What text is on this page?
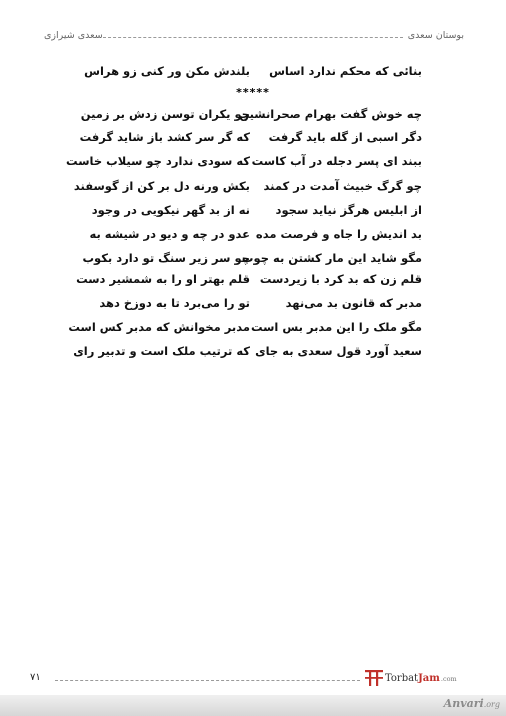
بوستان سعدی
سعدی شیرازی
بنائی که محکم ندارد اساس
بلندش مکن ور کنی زو هراس
*****
چه خوش گفت بهرام صحرانشین
چو یکران توسن زدش بر زمین
دگر اسبی از گله باید گرفت
که گر سر کشد باز شاید گرفت
ببند ای پسر دجله در آب کاست
که سودی ندارد چو سیلاب خاست
چو گرگ خبیث آمدت در کمند
بکش ورنه دل بر کن از گوسفند
از ابلیس هرگز نیاید سجود
نه از بد گهر نیکویی در وجود
بد اندیش را جاه و فرصت مده
عدو در چه و دیو در شیشه به
مگو شاید این مار کشتن به چوب
چو سر زیر سنگ تو دارد بکوب
قلم زن که بد کرد با زیردست
قلم بهتر او را به شمشیر دست
مدبر که قانون بد می‌نهد
تو را می‌برد تا به دوزخ دهد
مگو ملک را این مدبر بس است
مدبر مخوانش که مدبر کس است
سعید آورد قول سعدی به جای
که ترتیب ملک است و تدبیر رای
۷۱	TorbatJam.com
Anvari.org
